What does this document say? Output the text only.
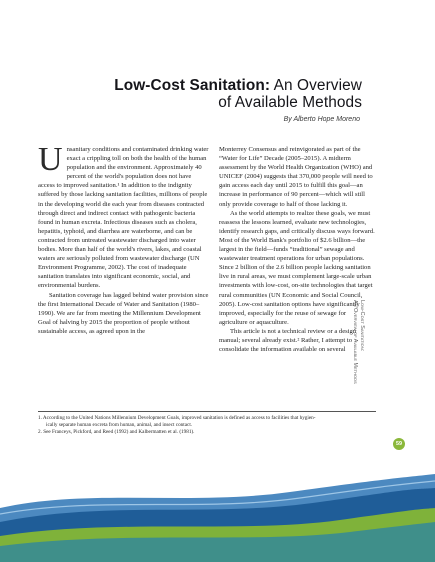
Low-Cost Sanitation: An Overview
of Available Methods
By Alberto Hope Moreno

Unsanitary conditions and contaminated drinking water exact a crippling toll on both the health of the human population and the environment. Approximately 40 percent of the world's population does not have access to improved sanitation.¹ In addition to the indignity suffered by those lacking sanitation facilities, millions of people in the developing world die each year from diseases contracted through direct and indirect contact with pathogenic bacteria found in human excreta. Infectious diseases such as cholera, hepatitis, typhoid, and diarrhea are waterborne, and can be contracted from untreated wastewater discharged into water bodies. More than half of the world's rivers, lakes, and coastal waters are seriously polluted from wastewater discharge (UN Environment Programme, 2002). The cost of inadequate sanitation translates into significant economic, social, and environmental burdens.

Sanitation coverage has lagged behind water provision since the first International Decade of Water and Sanitation (1980–1990). We are far from meeting the Millennium Development Goal of halving by 2015 the proportion of people without sustainable access, as agreed upon in the

Monterrey Consensus and reinvigorated as part of the “Water for Life” Decade (2005–2015). A midterm assessment by the World Health Organization (WHO) and UNICEF (2004) suggests that 370,000 people will need to gain access each day until 2015 to fulfill this goal—an increase in performance of 90 percent—which will still only provide coverage to half of those lacking it.

As the world attempts to realize these goals, we must reassess the lessons learned, evaluate new technologies, identify research gaps, and critically discuss ways forward. Most of the World Bank's portfolio of $2.6 billion—the largest in the field—funds “traditional” sewage and wastewater treatment operations for urban populations. Since 2 billion of the 2.6 billion people lacking sanitation live in rural areas, we must complement large-scale urban investments with low-cost, on-site technologies that target rural communities (UN Economic and Social Council, 2005). Low-cost sanitation options have significantly improved, especially for the reuse of sewage for agriculture or aquaculture.

This article is not a technical review or a design manual; several already exist.² Rather, I attempt to consolidate the information available on several

1. According to the United Nations Millennium Development Goals, improved sanitation is defined as access to facilities that hygien-

ically separate human excreta from human, animal, and insect contact.

2. See Franceys, Pickford, and Reed (1992) and Kalbermatten et al. (1981).

Low-Cost Sanitation:
An Overview of Available Methods
59
